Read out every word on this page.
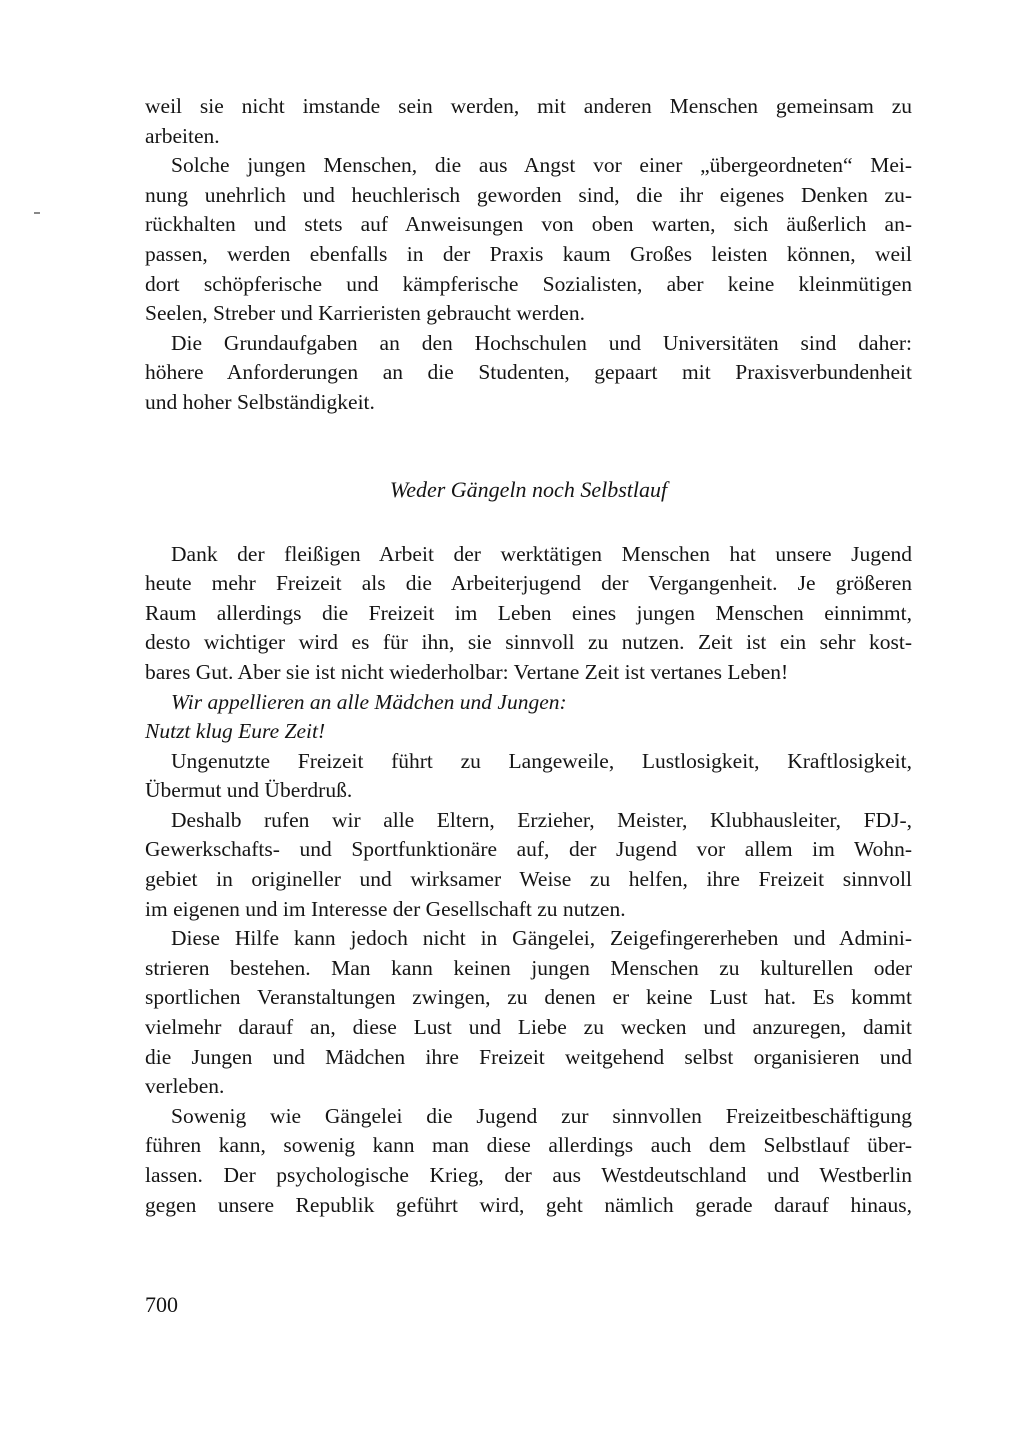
weil sie nicht imstande sein werden, mit anderen Menschen gemeinsam zu
arbeiten.
Solche jungen Menschen, die aus Angst vor einer „übergeordneten“ Mei-
nung unehrlich und heuchlerisch geworden sind, die ihr eigenes Denken zu-
rückhalten und stets auf Anweisungen von oben warten, sich äußerlich an-
passen, werden ebenfalls in der Praxis kaum Großes leisten können, weil
dort schöpferische und kämpferische Sozialisten, aber keine kleinmütigen
Seelen, Streber und Karrieristen gebraucht werden.
Die Grundaufgaben an den Hochschulen und Universitäten sind daher:
höhere Anforderungen an die Studenten, gepaart mit Praxisverbundenheit
und hoher Selbständigkeit.
Weder Gängeln noch Selbstlauf
Dank der fleißigen Arbeit der werktätigen Menschen hat unsere Jugend
heute mehr Freizeit als die Arbeiterjugend der Vergangenheit. Je größeren
Raum allerdings die Freizeit im Leben eines jungen Menschen einnimmt,
desto wichtiger wird es für ihn, sie sinnvoll zu nutzen. Zeit ist ein sehr kost-
bares Gut. Aber sie ist nicht wiederholbar: Vertane Zeit ist vertanes Leben!
Wir appellieren an alle Mädchen und Jungen:
Nutzt klug Eure Zeit!
Ungenutzte Freizeit führt zu Langeweile, Lustlosigkeit, Kraftlosigkeit,
Übermut und Überdruß.
Deshalb rufen wir alle Eltern, Erzieher, Meister, Klubhausleiter, FDJ-,
Gewerkschafts- und Sportfunktionäre auf, der Jugend vor allem im Wohn-
gebiet in origineller und wirksamer Weise zu helfen, ihre Freizeit sinnvoll
im eigenen und im Interesse der Gesellschaft zu nutzen.
Diese Hilfe kann jedoch nicht in Gängelei, Zeigefingererheben und Admini-
strieren bestehen. Man kann keinen jungen Menschen zu kulturellen oder
sportlichen Veranstaltungen zwingen, zu denen er keine Lust hat. Es kommt
vielmehr darauf an, diese Lust und Liebe zu wecken und anzuregen, damit
die Jungen und Mädchen ihre Freizeit weitgehend selbst organisieren und
verleben.
Sowenig wie Gängelei die Jugend zur sinnvollen Freizeitbeschäftigung
führen kann, sowenig kann man diese allerdings auch dem Selbstlauf über-
lassen. Der psychologische Krieg, der aus Westdeutschland und Westberlin
gegen unsere Republik geführt wird, geht nämlich gerade darauf hinaus,
700
